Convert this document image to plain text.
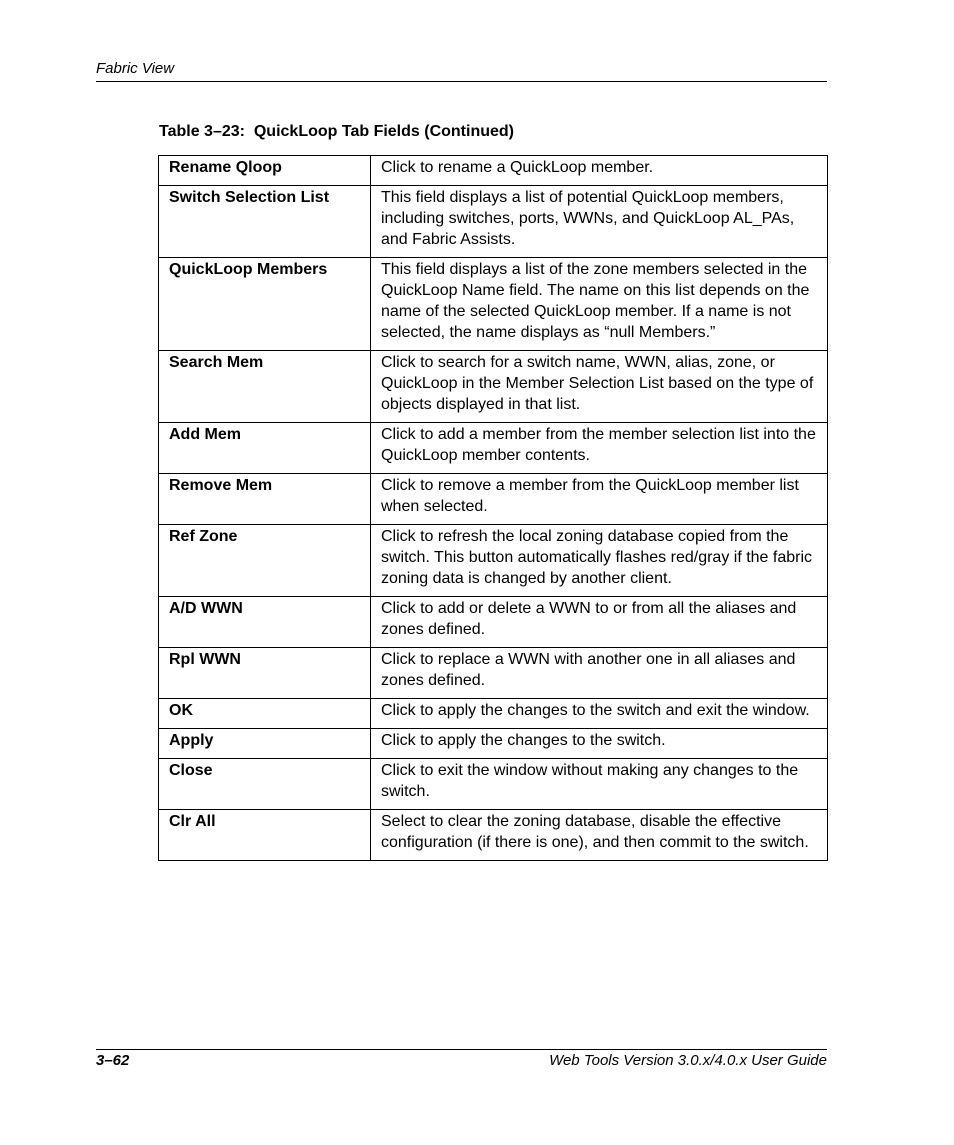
Fabric View
Table 3–23:  QuickLoop Tab Fields (Continued)
Rename Qloop	Click to rename a QuickLoop member.
Switch Selection List	This field displays a list of potential QuickLoop members, including switches, ports, WWNs, and QuickLoop AL_PAs, and Fabric Assists.
QuickLoop Members	This field displays a list of the zone members selected in the QuickLoop Name field. The name on this list depends on the name of the selected QuickLoop member. If a name is not selected, the name displays as “null Members.”
Search Mem	Click to search for a switch name, WWN, alias, zone, or QuickLoop in the Member Selection List based on the type of objects displayed in that list.
Add Mem	Click to add a member from the member selection list into the QuickLoop member contents.
Remove Mem	Click to remove a member from the QuickLoop member list when selected.
Ref Zone	Click to refresh the local zoning database copied from the switch. This button automatically flashes red/gray if the fabric zoning data is changed by another client.
A/D WWN	Click to add or delete a WWN to or from all the aliases and zones defined.
Rpl WWN	Click to replace a WWN with another one in all aliases and zones defined.
OK	Click to apply the changes to the switch and exit the window.
Apply	Click to apply the changes to the switch.
Close	Click to exit the window without making any changes to the switch.
Clr All	Select to clear the zoning database, disable the effective configuration (if there is one), and then commit to the switch.
3–62	Web Tools Version 3.0.x/4.0.x User Guide
